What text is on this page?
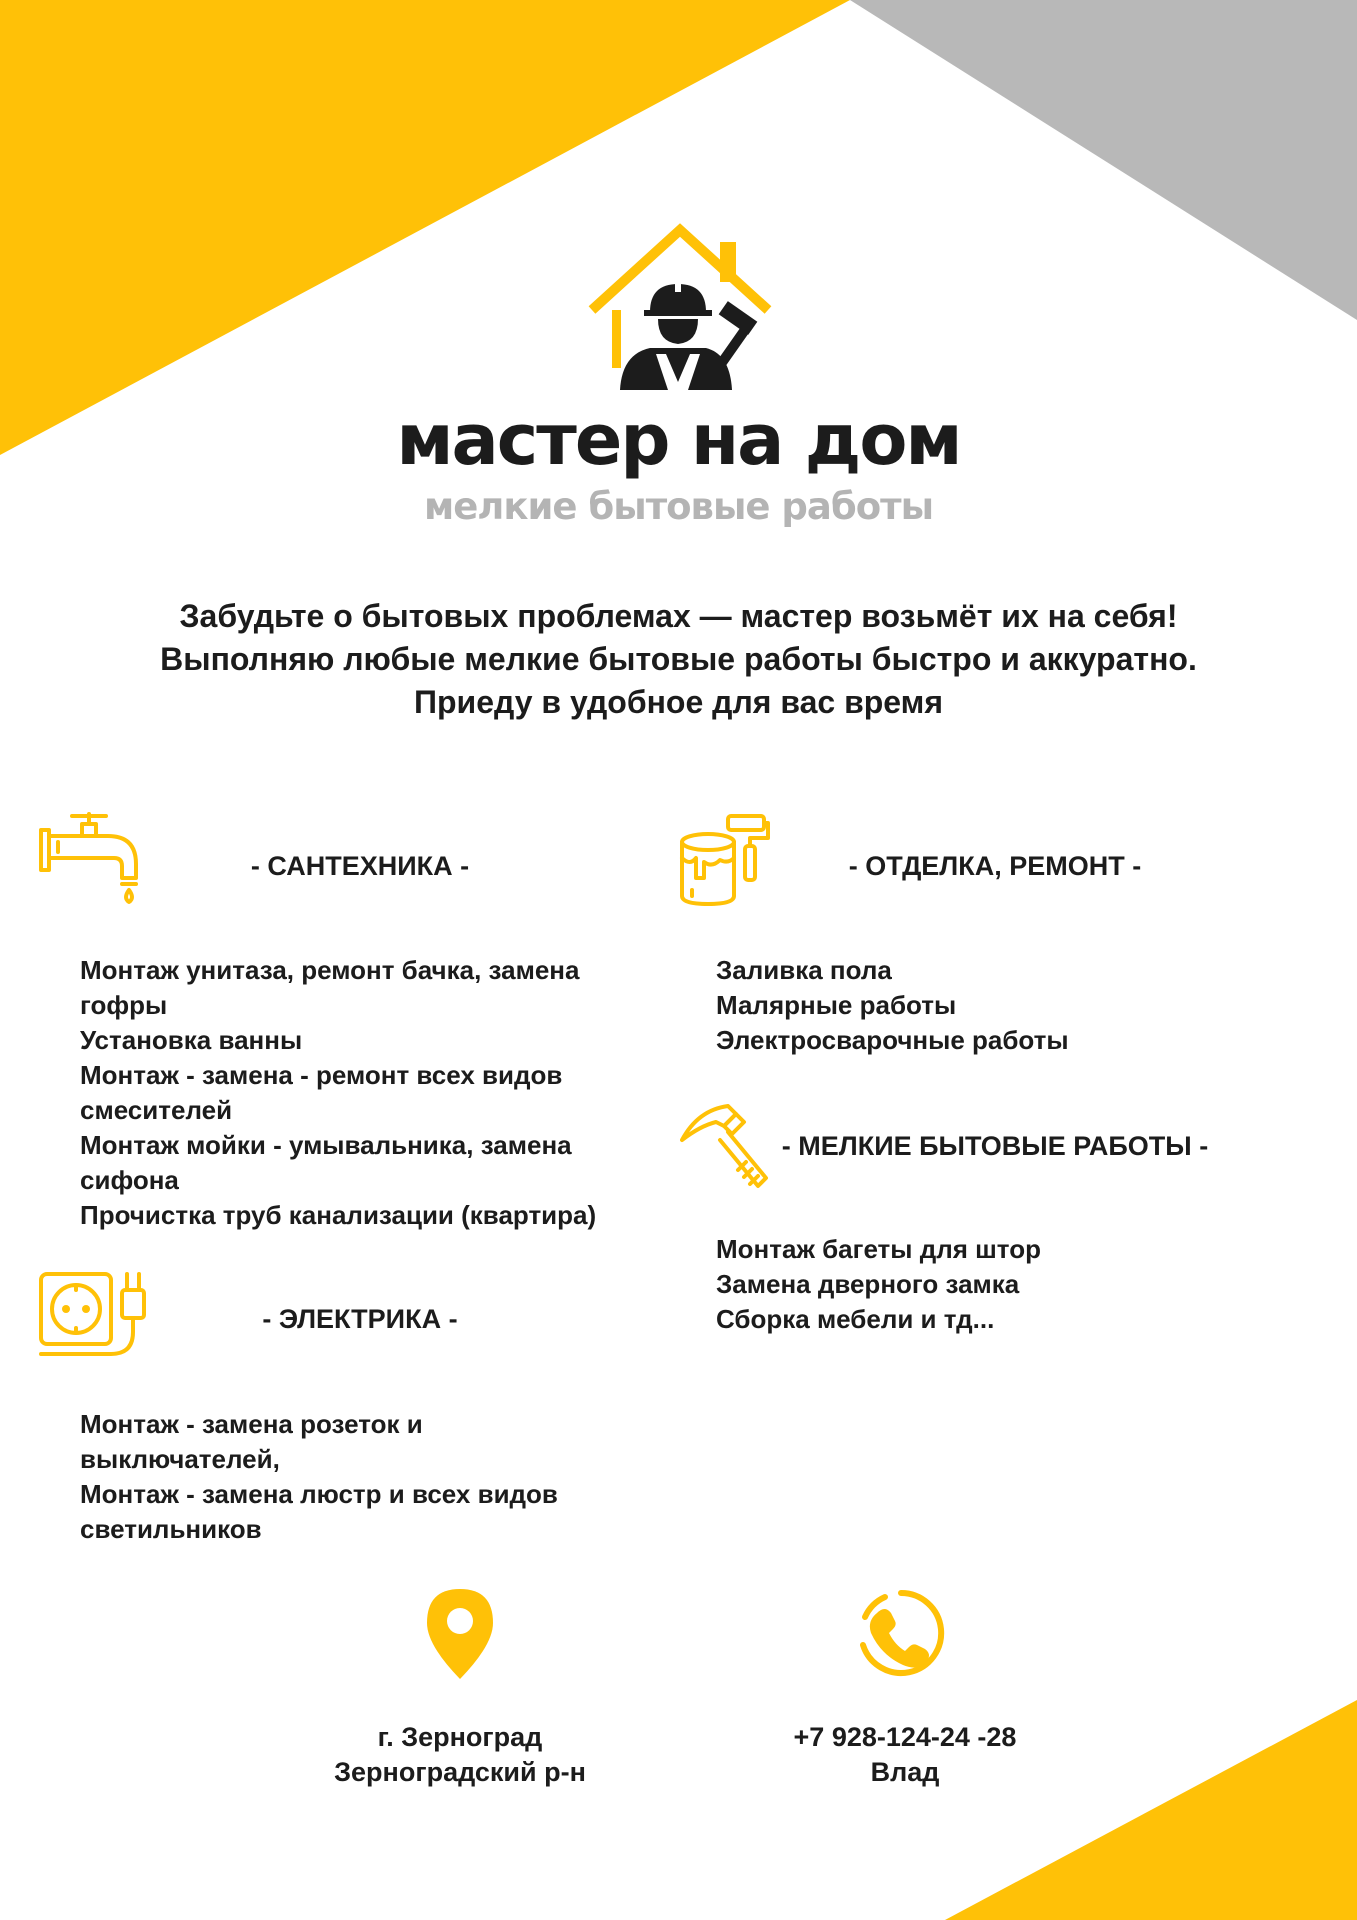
мастер на дом
мелкие бытовые работы
Забудьте о бытовых проблемах — мастер возьмёт их на себя!
Выполняю любые мелкие бытовые работы быстро и аккуратно.
Приеду в удобное для вас время
- САНТЕХНИКА -
Монтаж унитаза, ремонт бачка, замена
гофры
Установка ванны
Монтаж - замена - ремонт всех видов
смесителей
Монтаж мойки - умывальника, замена
сифона
Прочистка труб канализации (квартира)
- ЭЛЕКТРИКА -
Монтаж - замена розеток и
выключателей,
Монтаж - замена люстр и всех видов
светильников
- ОТДЕЛКА, РЕМОНТ -
Заливка пола
Малярные работы
Электросварочные работы
- МЕЛКИЕ БЫТОВЫЕ РАБОТЫ -
Монтаж багеты для штор
Замена дверного замка
Сборка мебели и тд...
г. Зерноград
Зерноградский р-н
+7 928-124-24 -28
Влад
